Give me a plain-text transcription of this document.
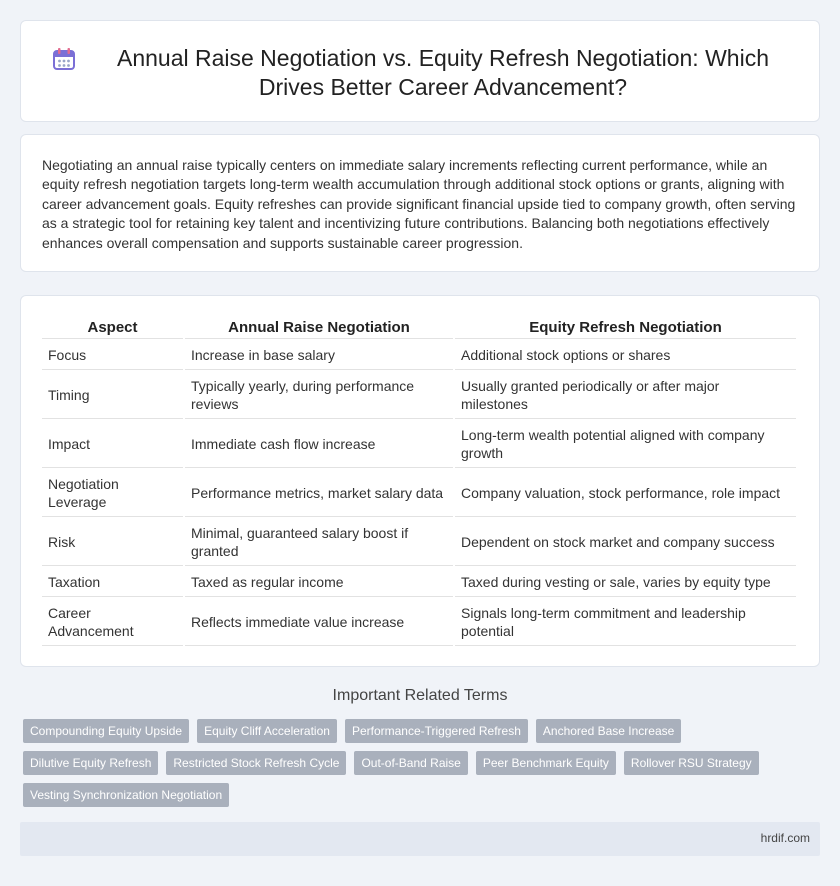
Annual Raise Negotiation vs. Equity Refresh Negotiation: Which Drives Better Career Advancement?

Negotiating an annual raise typically centers on immediate salary increments reflecting current performance, while an equity refresh negotiation targets long-term wealth accumulation through additional stock options or grants, aligning with career advancement goals. Equity refreshes can provide significant financial upside tied to company growth, often serving as a strategic tool for retaining key talent and incentivizing future contributions. Balancing both negotiations effectively enhances overall compensation and supports sustainable career progression.

Aspect	Annual Raise Negotiation	Equity Refresh Negotiation
Focus	Increase in base salary	Additional stock options or shares
Timing	Typically yearly, during performance reviews	Usually granted periodically or after major milestones
Impact	Immediate cash flow increase	Long-term wealth potential aligned with company growth
Negotiation Leverage	Performance metrics, market salary data	Company valuation, stock performance, role impact
Risk	Minimal, guaranteed salary boost if granted	Dependent on stock market and company success
Taxation	Taxed as regular income	Taxed during vesting or sale, varies by equity type
Career Advancement	Reflects immediate value increase	Signals long-term commitment and leadership potential
Important Related Terms
Compounding Equity Upside	Equity Cliff Acceleration	Performance-Triggered Refresh	Anchored Base Increase
Dilutive Equity Refresh	Restricted Stock Refresh Cycle	Out-of-Band Raise	Peer Benchmark Equity	Rollover RSU Strategy
Vesting Synchronization Negotiation
hrdif.com
